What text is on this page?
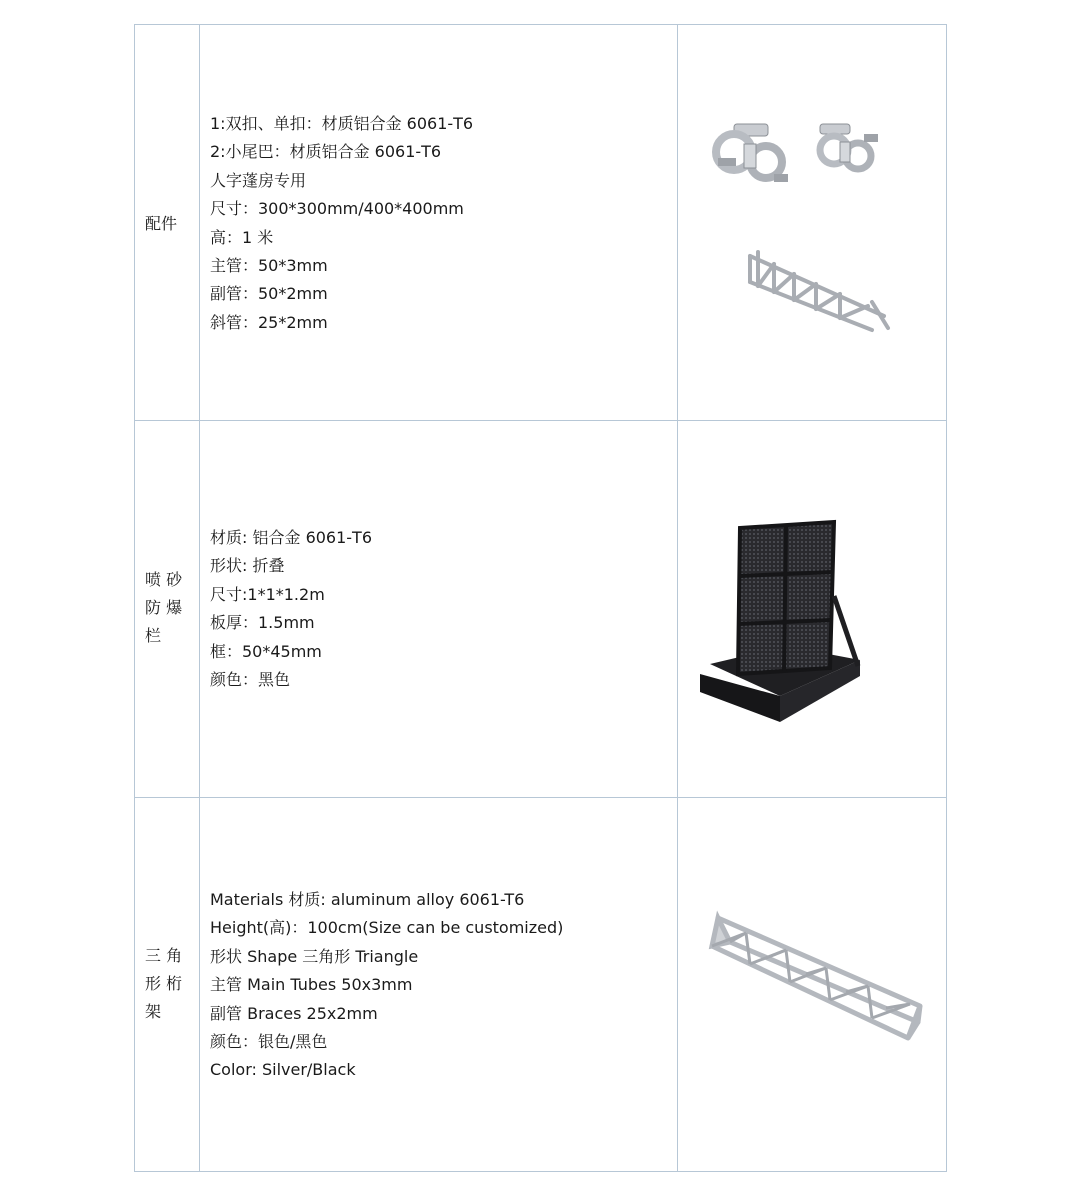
配件
1:双扣、单扣：材质铝合金 6061-T6
2:小尾巴：材质铝合金 6061-T6
人字蓬房专用
尺寸：300*300mm/400*400mm
高：1 米
主管：50*3mm
副管：50*2mm
斜管：25*2mm
喷 砂
防 爆
栏
材质: 铝合金 6061-T6
形状: 折叠
尺寸:1*1*1.2m
板厚：1.5mm
框：50*45mm
颜色：黑色
三 角
形 桁
架
Materials 材质: aluminum alloy 6061-T6
Height(高)：100cm(Size can be customized)
形状 Shape 三角形 Triangle
主管 Main Tubes 50x3mm
副管 Braces 25x2mm
颜色：银色/黑色
Color: Silver/Black
